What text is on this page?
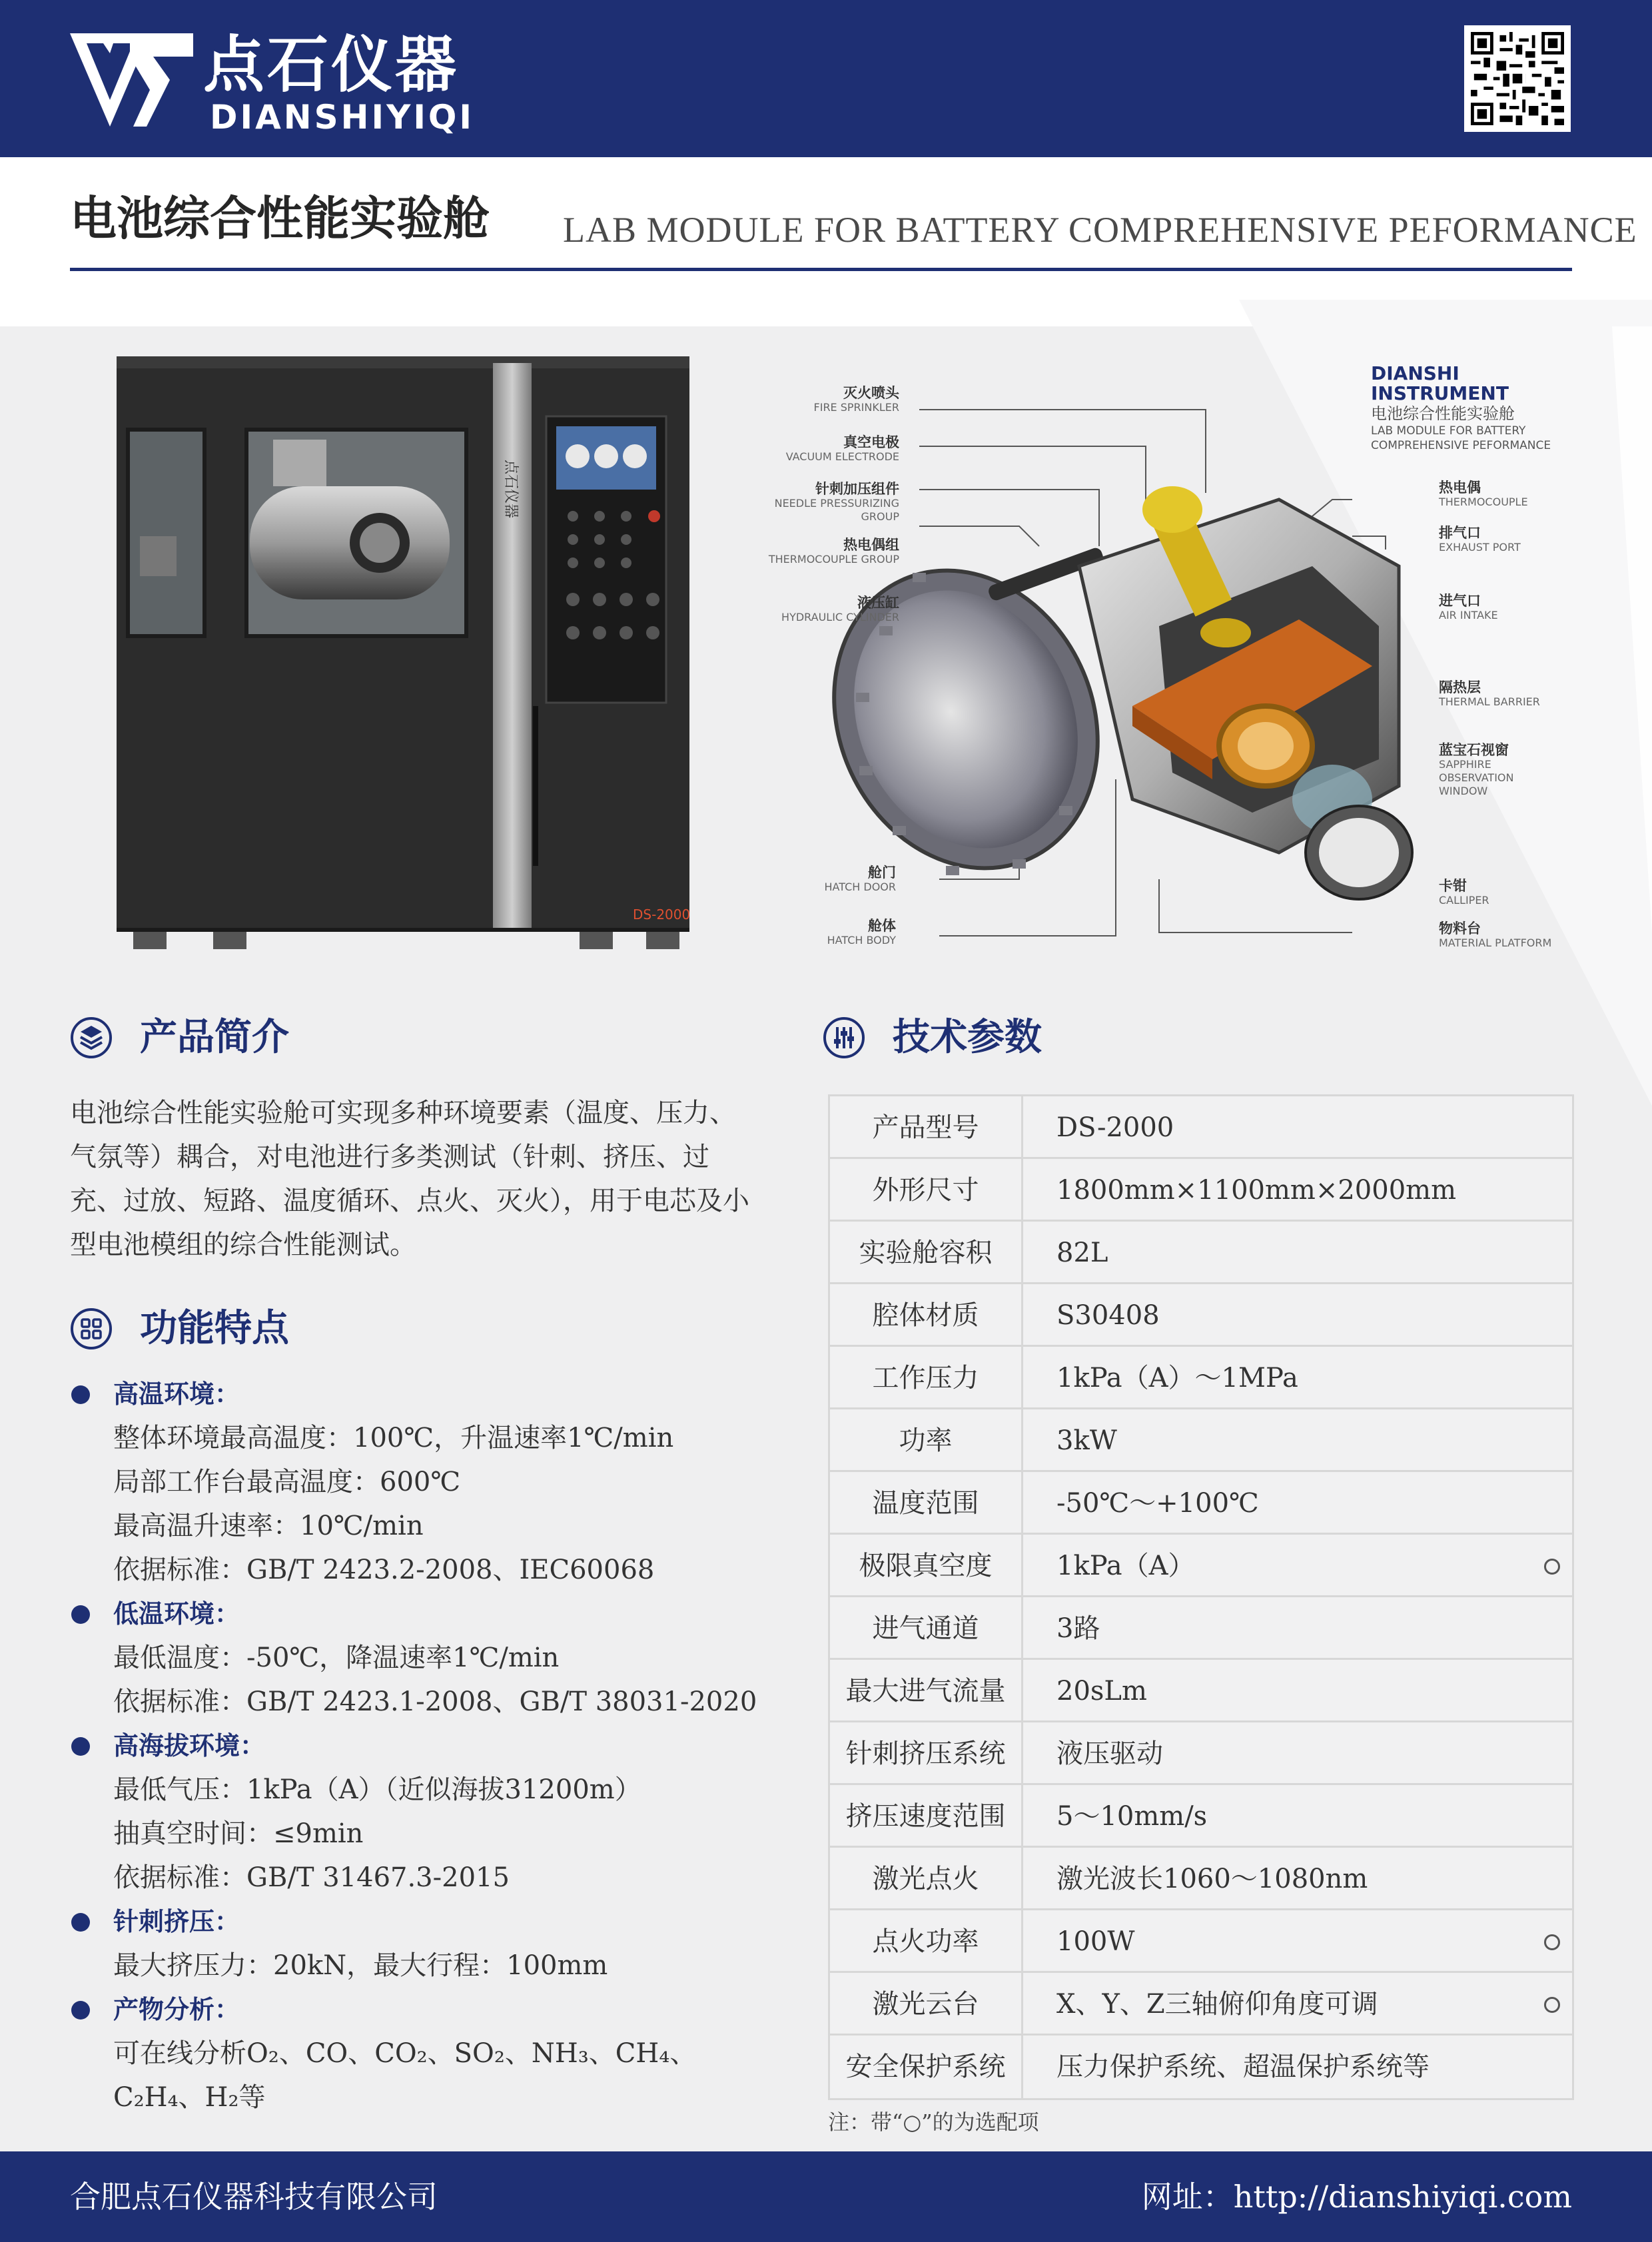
点石仪器
DIANSHIYIQI
电池综合性能实验舱 LAB MODULE FOR BATTERY COMPREHENSIVE PEFORMANCE
点石仪器
DS-2000
DIANSHI
INSTRUMENT
电池综合性能实验舱
LAB MODULE FOR BATTERY
COMPREHENSIVE PEFORMANCE
灭火喷头
FIRE SPRINKLER
真空电极
VACUUM ELECTRODE
针刺加压组件
NEEDLE PRESSURIZING
GROUP
热电偶组
THERMOCOUPLE GROUP
液压缸
HYDRAULIC CYLINDER
舱门
HATCH DOOR
舱体
HATCH BODY
热电偶
THERMOCOUPLE
排气口
EXHAUST PORT
进气口
AIR INTAKE
隔热层
THERMAL BARRIER
蓝宝石视窗
SAPPHIRE
OBSERVATION
WINDOW
卡钳
CALLIPER
物料台
MATERIAL PLATFORM
产品简介
电池综合性能实验舱可实现多种环境要素（温度、压力、气氛等）耦合，对电池进行多类测试（针刺、挤压、过充、过放、短路、温度循环、点火、灭火），用于电芯及小型电池模组的综合性能测试。
功能特点
高温环境：
整体环境最高温度：100℃，升温速率1℃/min
局部工作台最高温度：600℃
最高温升速率：10℃/min
依据标准：GB/T 2423.2-2008、IEC60068
低温环境：
最低温度：-50℃，降温速率1℃/min
依据标准：GB/T 2423.1-2008、GB/T 38031-2020
高海拔环境：
最低气压：1kPa（A）（近似海拔31200m）
抽真空时间：≤9min
依据标准：GB/T 31467.3-2015
针刺挤压：
最大挤压力：20kN，最大行程：100mm
产物分析：
可在线分析O₂、CO、CO₂、SO₂、NH₃、CH₄、
C₂H₄、H₂等
技术参数
产品型号	DS-2000
外形尺寸	1800mm×1100mm×2000mm
实验舱容积	82L
腔体材质	S30408
工作压力	1kPa（A）～1MPa
功率	3kW
温度范围	-50℃～+100℃
极限真空度	1kPa（A）
进气通道	3路
最大进气流量	20sLm
针刺挤压系统	液压驱动
挤压速度范围	5～10mm/s
激光点火	激光波长1060～1080nm
点火功率	100W
激光云台	X、Y、Z三轴俯仰角度可调
安全保护系统	压力保护系统、超温保护系统等
注：带“○”的为选配项
合肥点石仪器科技有限公司	网址：http://dianshiyiqi.com
